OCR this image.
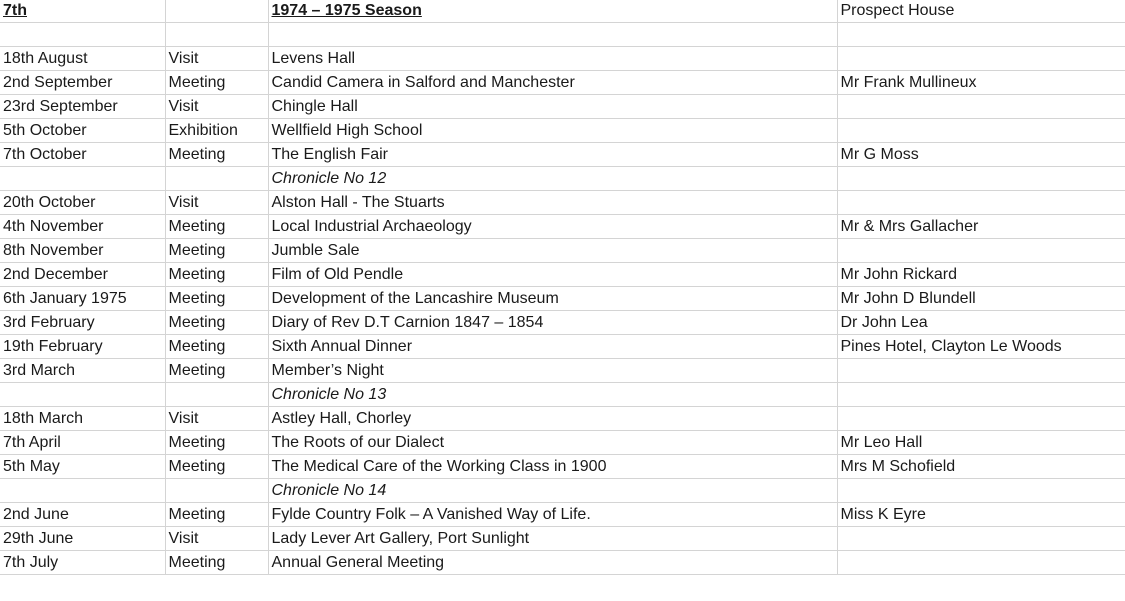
7th		1974 – 1975 Season	Prospect House

18th August	Visit	Levens Hall	
2nd September	Meeting	Candid Camera in Salford and Manchester	Mr Frank Mullineux
23rd September	Visit	Chingle Hall	
5th October	Exhibition	Wellfield High School	
7th October	Meeting	The English Fair	Mr G Moss
		Chronicle No 12	
20th October	Visit	Alston Hall - The Stuarts	
4th November	Meeting	Local Industrial Archaeology	Mr & Mrs Gallacher
8th November	Meeting	Jumble Sale	
2nd December	Meeting	Film of Old Pendle	Mr John Rickard
6th January 1975	Meeting	Development of the Lancashire Museum	Mr John D Blundell
3rd February	Meeting	Diary of Rev D.T Carnion 1847 – 1854	Dr John Lea
19th February	Meeting	Sixth Annual Dinner	Pines Hotel, Clayton Le Woods
3rd March	Meeting	Member’s Night	
		Chronicle No 13	
18th March	Visit	Astley Hall, Chorley	
7th April	Meeting	The Roots of our Dialect	Mr Leo Hall
5th May	Meeting	The Medical Care of the Working Class in 1900	Mrs M Schofield
		Chronicle No 14	
2nd June	Meeting	Fylde Country Folk – A Vanished Way of Life.	Miss K Eyre
29th June	Visit	Lady Lever Art Gallery, Port Sunlight	
7th July	Meeting	Annual General Meeting	
